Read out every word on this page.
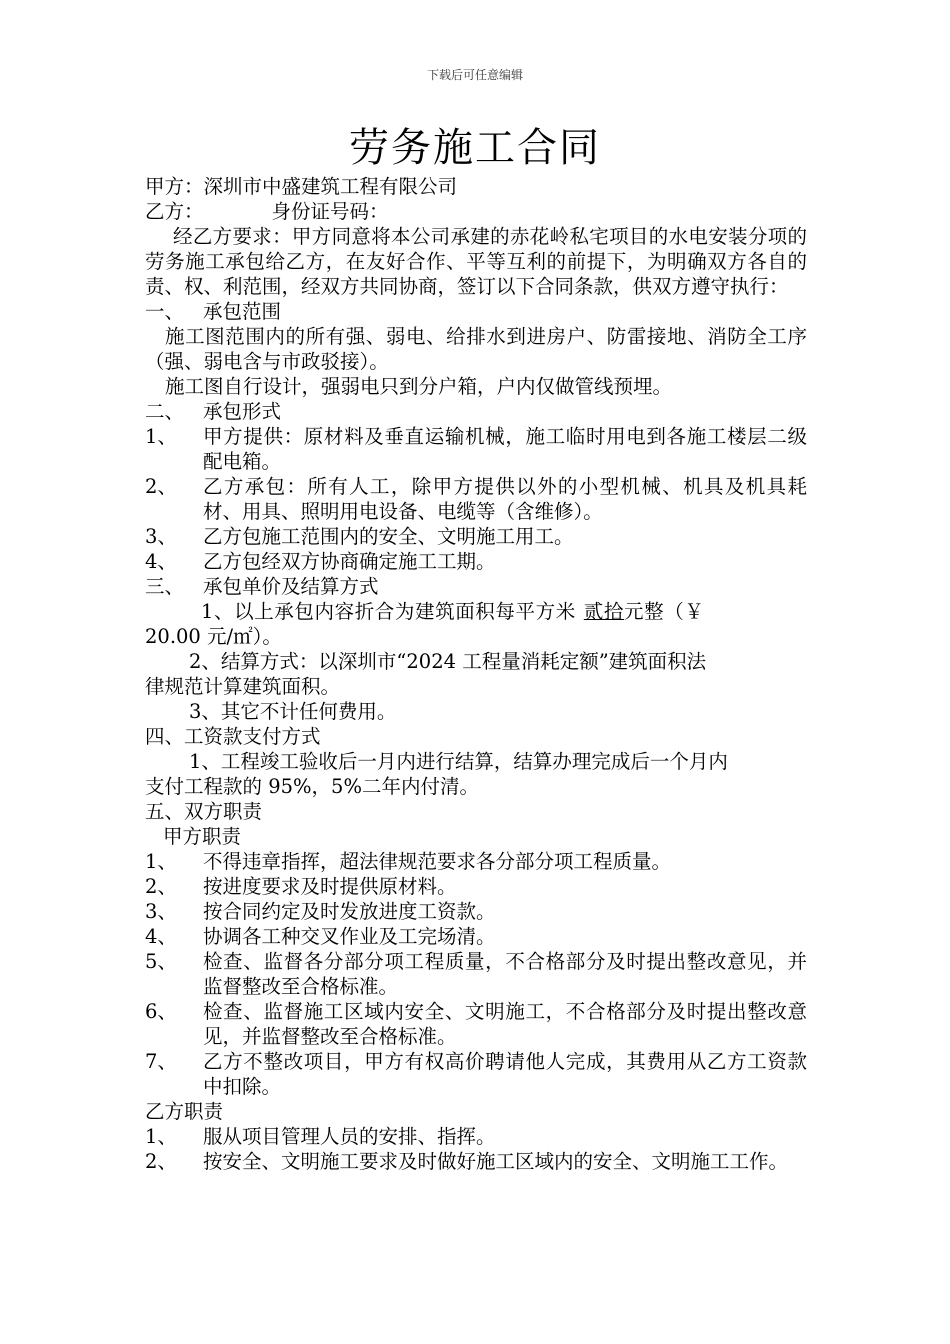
下载后可任意编辑
劳务施工合同

甲方：深圳市中盛建筑工程有限公司

乙方：	身份证号码：

经乙方要求：甲方同意将本公司承建的赤花岭私宅项目的水电安装分项的劳务施工承包给乙方，在友好合作、平等互利的前提下，为明确双方各自的责、权、利范围，经双方共同协商，签订以下合同条款，供双方遵守执行：

一、 承包范围

施工图范围内的所有强、弱电、给排水到进房户、防雷接地、消防全工序（强、弱电含与市政驳接）。

施工图自行设计，强弱电只到分户箱，户内仅做管线预埋。

二、 承包形式
1、	甲方提供：原材料及垂直运输机械，施工临时用电到各施工楼层二级配电箱。
2、	乙方承包：所有人工，除甲方提供以外的小型机械、机具及机具耗材、用具、照明用电设备、电缆等（含维修）。
3、	乙方包施工范围内的安全、文明施工用工。
4、	乙方包经双方协商确定施工工期。
三、 承包单价及结算方式

1、以上承包内容折合为建筑面积每平方米 贰拾元整（￥

20.00 元/㎡）。

2、结算方式：以深圳市“2024 工程量消耗定额”建筑面积法

律规范计算建筑面积。

3、其它不计任何费用。

四、工资款支付方式

1、工程竣工验收后一月内进行结算，结算办理完成后一个月内

支付工程款的 95%，5%二年内付清。

五、双方职责

甲方职责

1、	不得违章指挥，超法律规范要求各分部分项工程质量。
2、	按进度要求及时提供原材料。
3、	按合同约定及时发放进度工资款。
4、	协调各工种交叉作业及工完场清。
5、	检查、监督各分部分项工程质量，不合格部分及时提出整改意见，并监督整改至合格标准。
6、	检查、监督施工区域内安全、文明施工，不合格部分及时提出整改意见，并监督整改至合格标准。
7、	乙方不整改项目，甲方有权高价聘请他人完成，其费用从乙方工资款中扣除。

乙方职责

1、	服从项目管理人员的安排、指挥。
2、	按安全、文明施工要求及时做好施工区域内的安全、文明施工工作。
